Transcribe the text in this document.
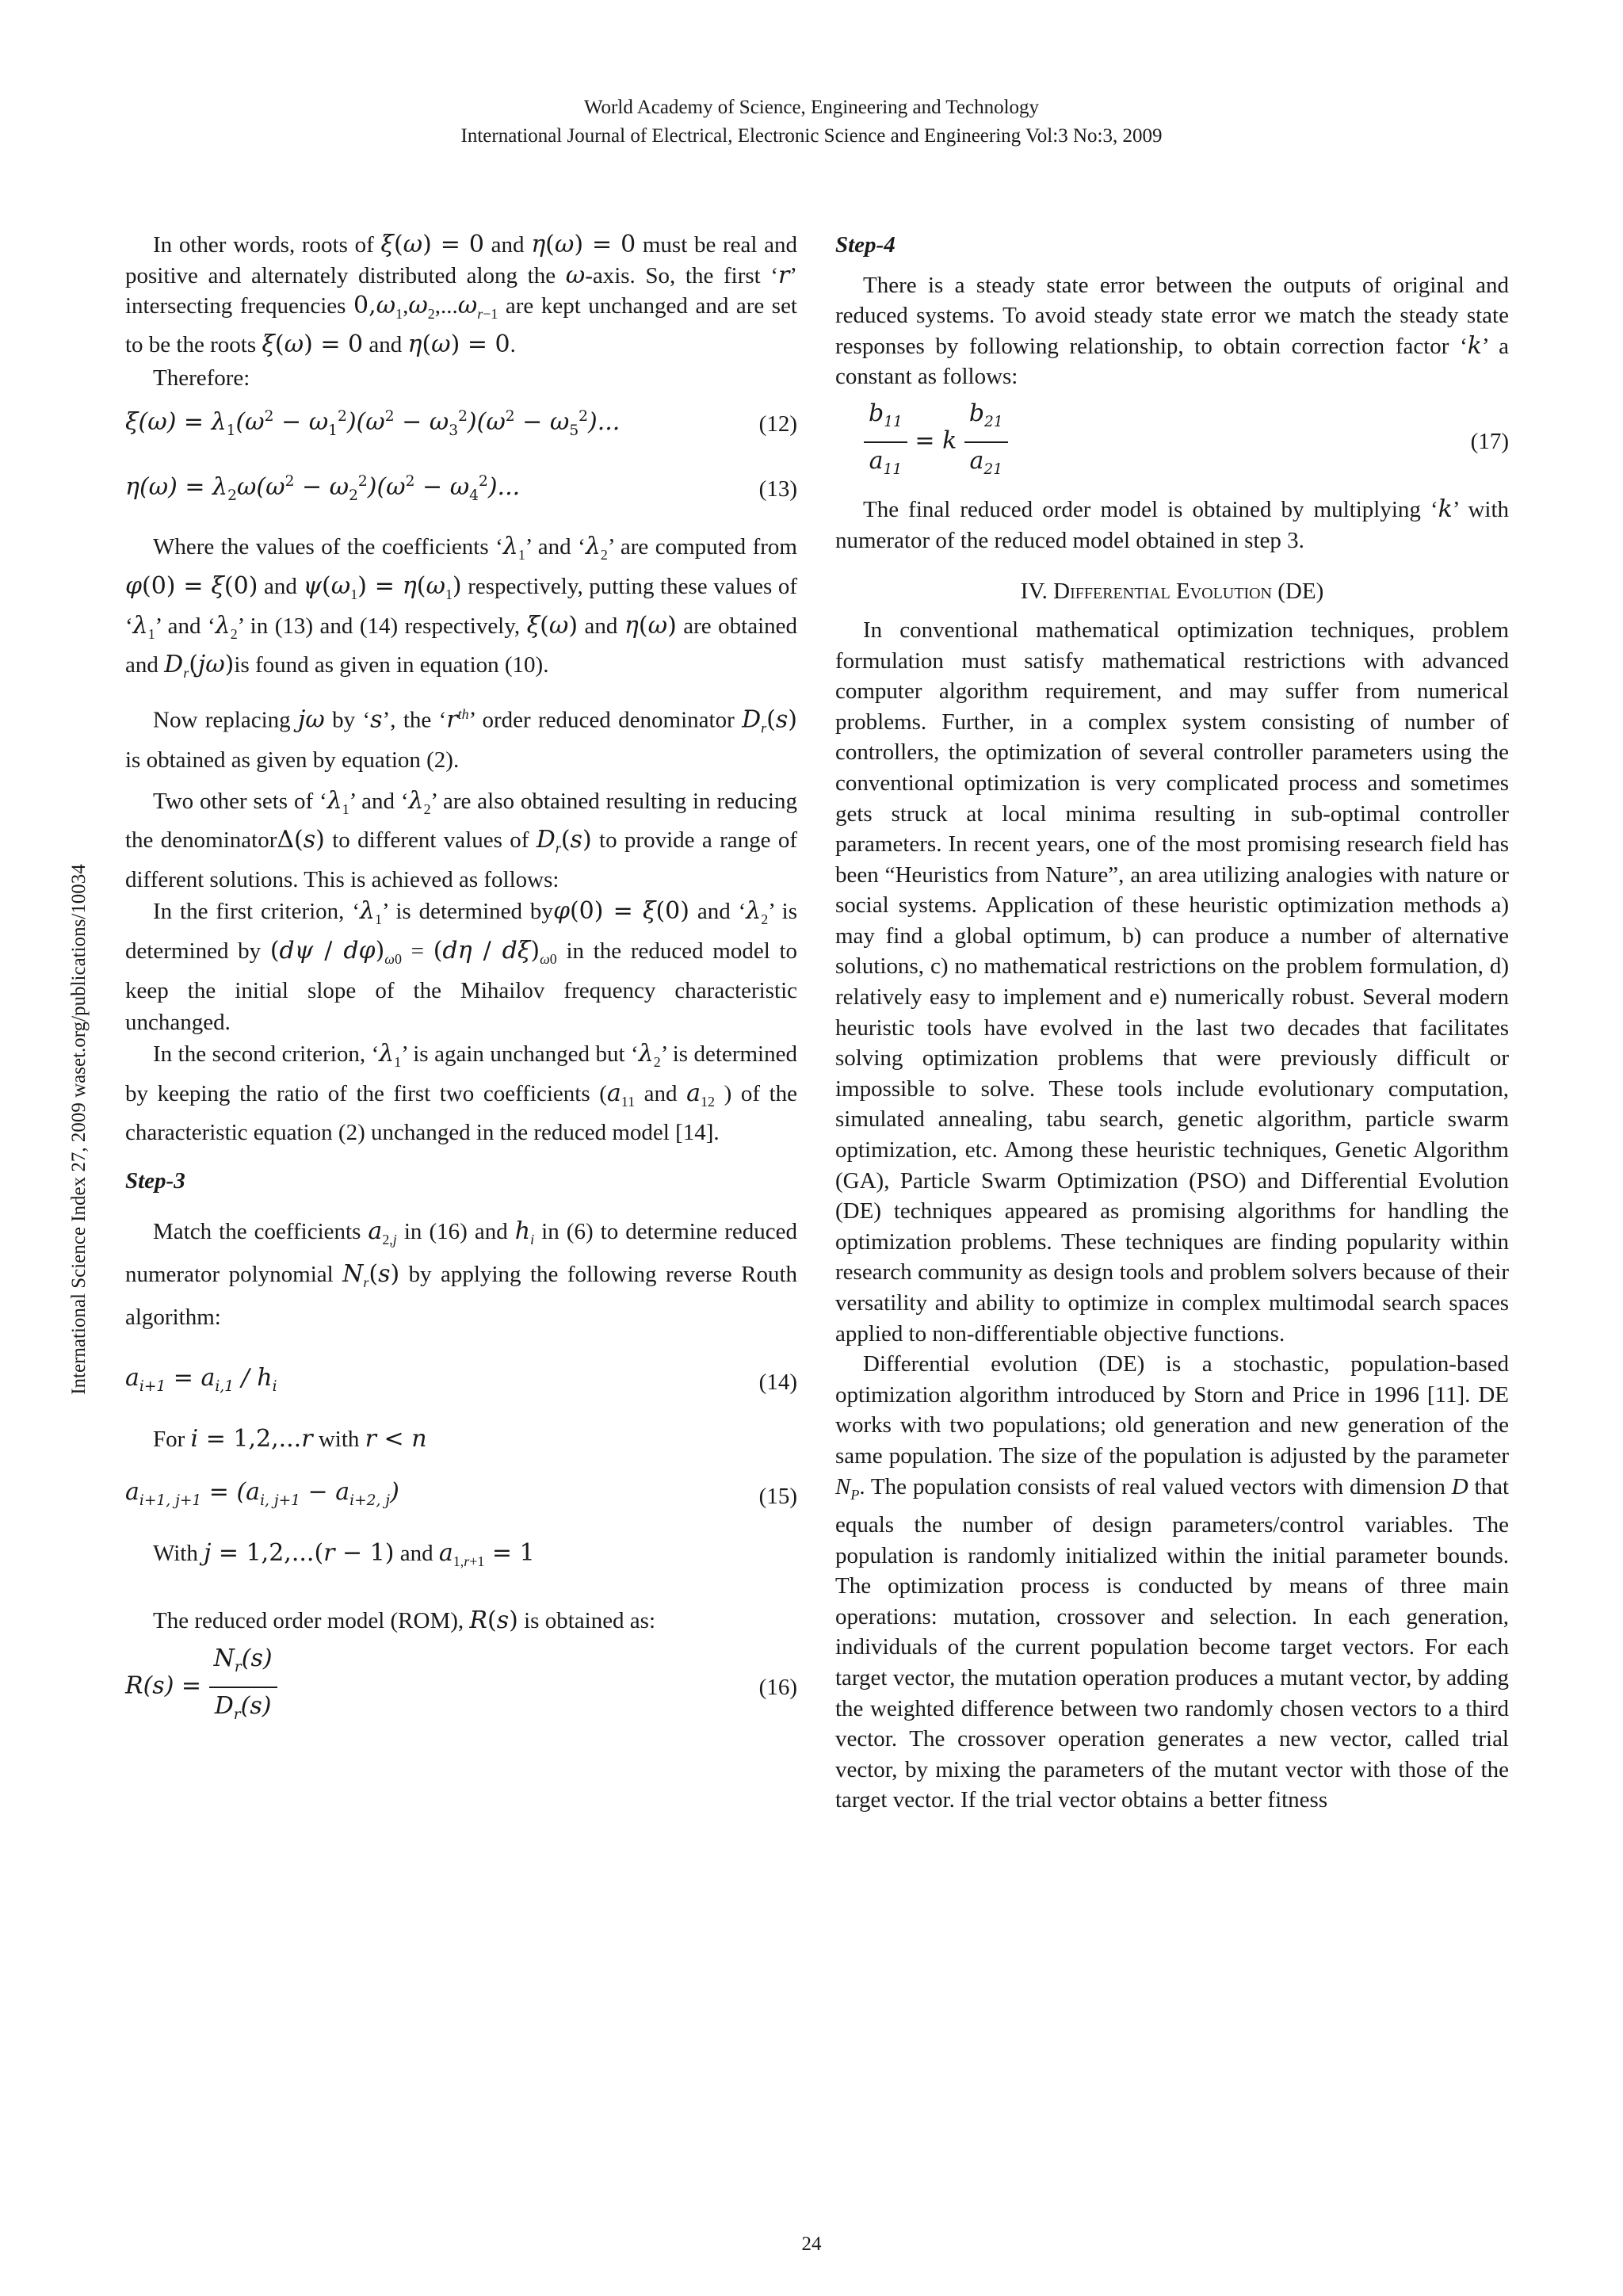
World Academy of Science, Engineering and Technology
International Journal of Electrical, Electronic Science and Engineering Vol:3 No:3, 2009
International Science Index 27, 2009 waset.org/publications/10034

In other words, roots of ξ(ω) = 0 and η(ω) = 0 must be real and positive and alternately distributed along the ω-axis. So, the first ‘r’ intersecting frequencies $0,\omega_1,\omega_2,...\omega_{r-1}$ are kept unchanged and are set to be the roots ξ(ω) = 0 and η(ω) = 0.

Therefore:

$\xi(\omega) = \lambda_1(\omega^2 - \omega_1^2)(\omega^2 - \omega_3^2)(\omega^2 - \omega_5^2)$...	(12)
$\eta(\omega) = \lambda_2\omega(\omega^2 - \omega_2^2)(\omega^2 - \omega_4^2)$...	(13)

Where the values of the coefficients ‘$\lambda_1$’ and ‘$\lambda_2$’ are computed from φ(0) = ξ(0) and $\psi(\omega_1) = \eta(\omega_1)$ respectively, putting these values of ‘$\lambda_1$’ and ‘$\lambda_2$’ in (13) and (14) respectively, ξ(ω) and η(ω) are obtained and $D_r(j\omega)is$ found as given in equation (10).

Now replacing jω by ‘s’, the ‘$r^{th}$’ order reduced denominator $D_r(s)$ is obtained as given by equation (2).

Two other sets of ‘$\lambda_1$’ and ‘$\lambda_2$’ are also obtained resulting in reducing the denominatorΔ(s) to different values of $D_r(s)$ to provide a range of different solutions. This is achieved as follows:

In the first criterion, ‘$\lambda_1$’ is determined byφ(0) = ξ(0) and ‘$\lambda_2$’ is determined by $(d\psi / d\varphi)_{\omega 0} = (d\eta / d\xi)_{\omega 0}$ in the reduced model to keep the initial slope of the Mihailov frequency characteristic unchanged.

In the second criterion, ‘$\lambda_1$’ is again unchanged but ‘$\lambda_2$’ is determined by keeping the ratio of the first two coefficients ($a_{11}$ and $a_{12}$ ) of the characteristic equation (2) unchanged in the reduced model [14].

Step-3

Match the coefficients $a_{2,j}$ in (16) and $h_i$ in (6) to determine reduced numerator polynomial $N_r(s)$ by applying the following reverse Routh algorithm:

$a_{i+1} = a_{i,1} / h_i$	(14)

For i = 1,2,...r with r < n

$a_{i+1, j+1} = (a_{i, j+1} - a_{i+2, j})$	(15)

With j = 1,2,...(r − 1) and $a_{1,r+1} = 1$

The reduced order model (ROM), R(s) is obtained as:

$R(s) = \frac{N_r(s)}{D_r(s)}$	(16)

Step-4

There is a steady state error between the outputs of original and reduced systems. To avoid steady state error we match the steady state responses by following relationship, to obtain correction factor ‘k’ a constant as follows:

$\frac{b_{11}}{a_{11}} = k \frac{b_{21}}{a_{21}}$	(17)

The final reduced order model is obtained by multiplying ‘k’ with numerator of the reduced model obtained in step 3.

IV. Differential Evolution (DE)

In conventional mathematical optimization techniques, problem formulation must satisfy mathematical restrictions with advanced computer algorithm requirement, and may suffer from numerical problems. Further, in a complex system consisting of number of controllers, the optimization of several controller parameters using the conventional optimization is very complicated process and sometimes gets struck at local minima resulting in sub-optimal controller parameters. In recent years, one of the most promising research field has been “Heuristics from Nature”, an area utilizing analogies with nature or social systems. Application of these heuristic optimization methods a) may find a global optimum, b) can produce a number of alternative solutions, c) no mathematical restrictions on the problem formulation, d) relatively easy to implement and e) numerically robust. Several modern heuristic tools have evolved in the last two decades that facilitates solving optimization problems that were previously difficult or impossible to solve. These tools include evolutionary computation, simulated annealing, tabu search, genetic algorithm, particle swarm optimization, etc. Among these heuristic techniques, Genetic Algorithm (GA), Particle Swarm Optimization (PSO) and Differential Evolution (DE) techniques appeared as promising algorithms for handling the optimization problems. These techniques are finding popularity within research community as design tools and problem solvers because of their versatility and ability to optimize in complex multimodal search spaces applied to non-differentiable objective functions.

Differential evolution (DE) is a stochastic, population-based optimization algorithm introduced by Storn and Price in 1996 [11]. DE works with two populations; old generation and new generation of the same population. The size of the population is adjusted by the parameter $N_P$. The population consists of real valued vectors with dimension D that equals the number of design parameters/control variables. The population is randomly initialized within the initial parameter bounds. The optimization process is conducted by means of three main operations: mutation, crossover and selection. In each generation, individuals of the current population become target vectors. For each target vector, the mutation operation produces a mutant vector, by adding the weighted difference between two randomly chosen vectors to a third vector. The crossover operation generates a new vector, called trial vector, by mixing the parameters of the mutant vector with those of the target vector. If the trial vector obtains a better fitness

24
